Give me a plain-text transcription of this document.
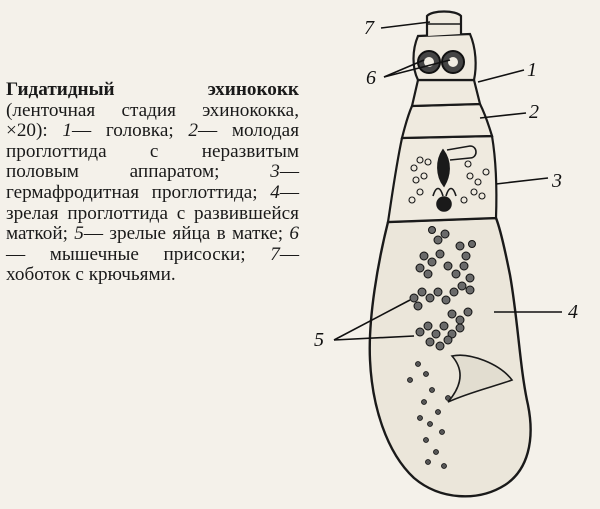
Гидатидный эхинококк (ленточная стадия эхинококка, ×20): 1— головка; 2— молодая проглоттида с неразвитым половым аппаратом;	3— гермафродитная проглоттида; 4— зрелая проглоттида с развившейся маткой; 5— зрелые яйца в матке; 6— мышечные присоски; 7— хоботок с крючьями.

7
6	1
2
3
4
5
